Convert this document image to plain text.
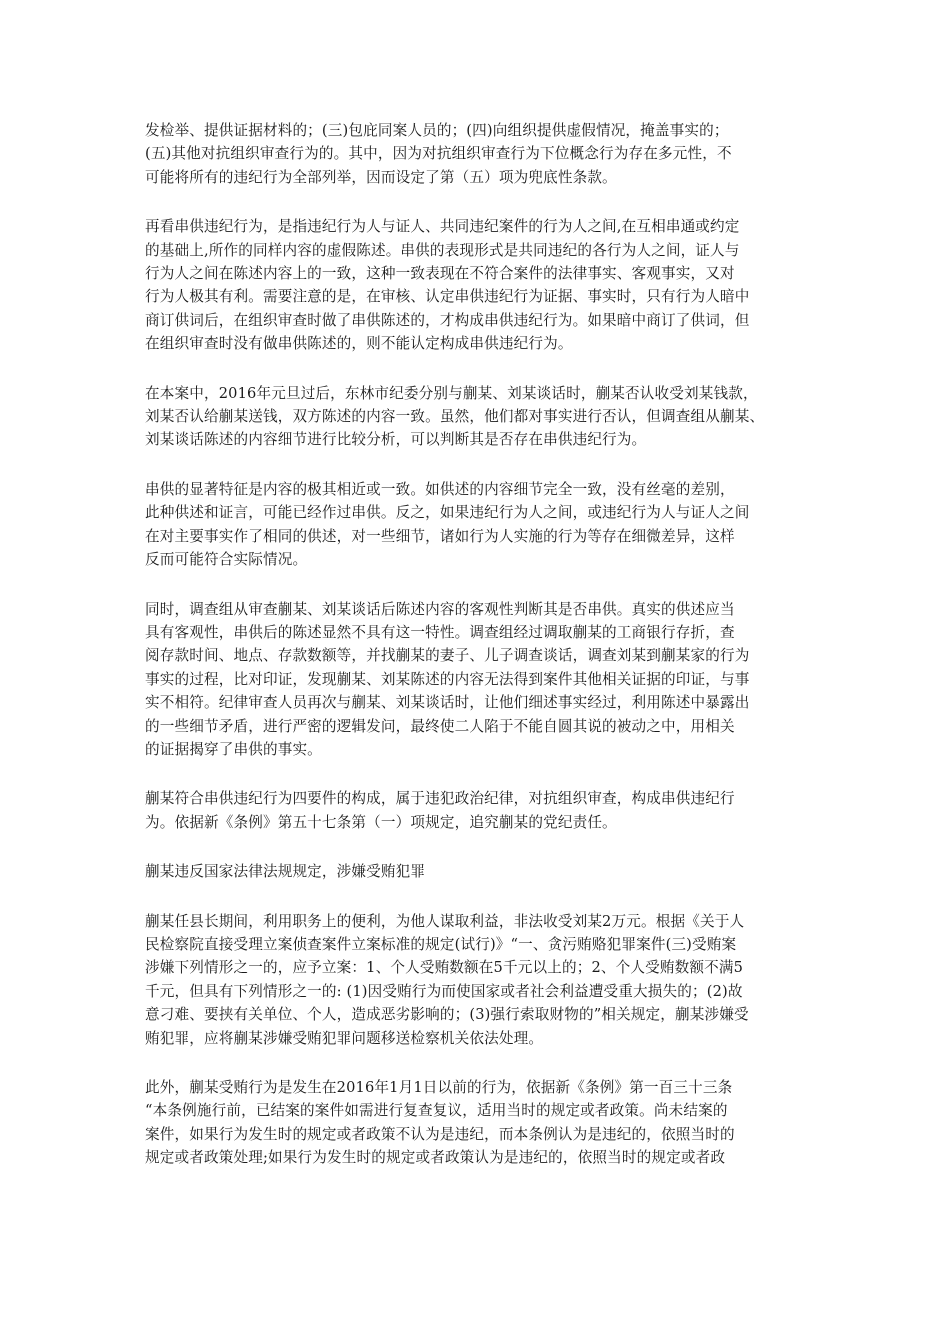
发检举、提供证据材料的；(三)包庇同案人员的；(四)向组织提供虚假情况，掩盖事实的；
(五)其他对抗组织审查行为的。其中，因为对抗组织审查行为下位概念行为存在多元性，不
可能将所有的违纪行为全部列举，因而设定了第（五）项为兜底性条款。

再看串供违纪行为，是指违纪行为人与证人、共同违纪案件的行为人之间,在互相串通或约定
的基础上,所作的同样内容的虚假陈述。串供的表现形式是共同违纪的各行为人之间，证人与
行为人之间在陈述内容上的一致，这种一致表现在不符合案件的法律事实、客观事实，又对
行为人极其有利。需要注意的是，在审核、认定串供违纪行为证据、事实时，只有行为人暗中
商订供词后，在组织审查时做了串供陈述的，才构成串供违纪行为。如果暗中商订了供词，但
在组织审查时没有做串供陈述的，则不能认定构成串供违纪行为。

在本案中，2016年元旦过后，东林市纪委分别与蒯某、刘某谈话时，蒯某否认收受刘某钱款，
刘某否认给蒯某送钱，双方陈述的内容一致。虽然，他们都对事实进行否认，但调查组从蒯某、
刘某谈话陈述的内容细节进行比较分析，可以判断其是否存在串供违纪行为。

串供的显著特征是内容的极其相近或一致。如供述的内容细节完全一致，没有丝毫的差别，
此种供述和证言，可能已经作过串供。反之，如果违纪行为人之间，或违纪行为人与证人之间
在对主要事实作了相同的供述，对一些细节，诸如行为人实施的行为等存在细微差异，这样
反而可能符合实际情况。

同时，调查组从审查蒯某、刘某谈话后陈述内容的客观性判断其是否串供。真实的供述应当
具有客观性，串供后的陈述显然不具有这一特性。调查组经过调取蒯某的工商银行存折，查
阅存款时间、地点、存款数额等，并找蒯某的妻子、儿子调查谈话，调查刘某到蒯某家的行为
事实的过程，比对印证，发现蒯某、刘某陈述的内容无法得到案件其他相关证据的印证，与事
实不相符。纪律审查人员再次与蒯某、刘某谈话时，让他们细述事实经过，利用陈述中暴露出
的一些细节矛盾，进行严密的逻辑发问，最终使二人陷于不能自圆其说的被动之中，用相关
的证据揭穿了串供的事实。

蒯某符合串供违纪行为四要件的构成，属于违犯政治纪律，对抗组织审查，构成串供违纪行
为。依据新《条例》第五十七条第（一）项规定，追究蒯某的党纪责任。

蒯某违反国家法律法规规定，涉嫌受贿犯罪

蒯某任县长期间，利用职务上的便利，为他人谋取利益，非法收受刘某2万元。根据《关于人
民检察院直接受理立案侦查案件立案标准的规定(试行)》“一、贪污贿赂犯罪案件(三)受贿案
涉嫌下列情形之一的，应予立案：1、个人受贿数额在5千元以上的；2、个人受贿数额不满5
千元，但具有下列情形之一的: (1)因受贿行为而使国家或者社会利益遭受重大损失的；(2)故
意刁难、要挟有关单位、个人，造成恶劣影响的；(3)强行索取财物的”相关规定，蒯某涉嫌受
贿犯罪，应将蒯某涉嫌受贿犯罪问题移送检察机关依法处理。

此外，蒯某受贿行为是发生在2016年1月1日以前的行为，依据新《条例》第一百三十三条
“本条例施行前，已结案的案件如需进行复查复议，适用当时的规定或者政策。尚未结案的
案件，如果行为发生时的规定或者政策不认为是违纪，而本条例认为是违纪的，依照当时的
规定或者政策处理;如果行为发生时的规定或者政策认为是违纪的，依照当时的规定或者政
